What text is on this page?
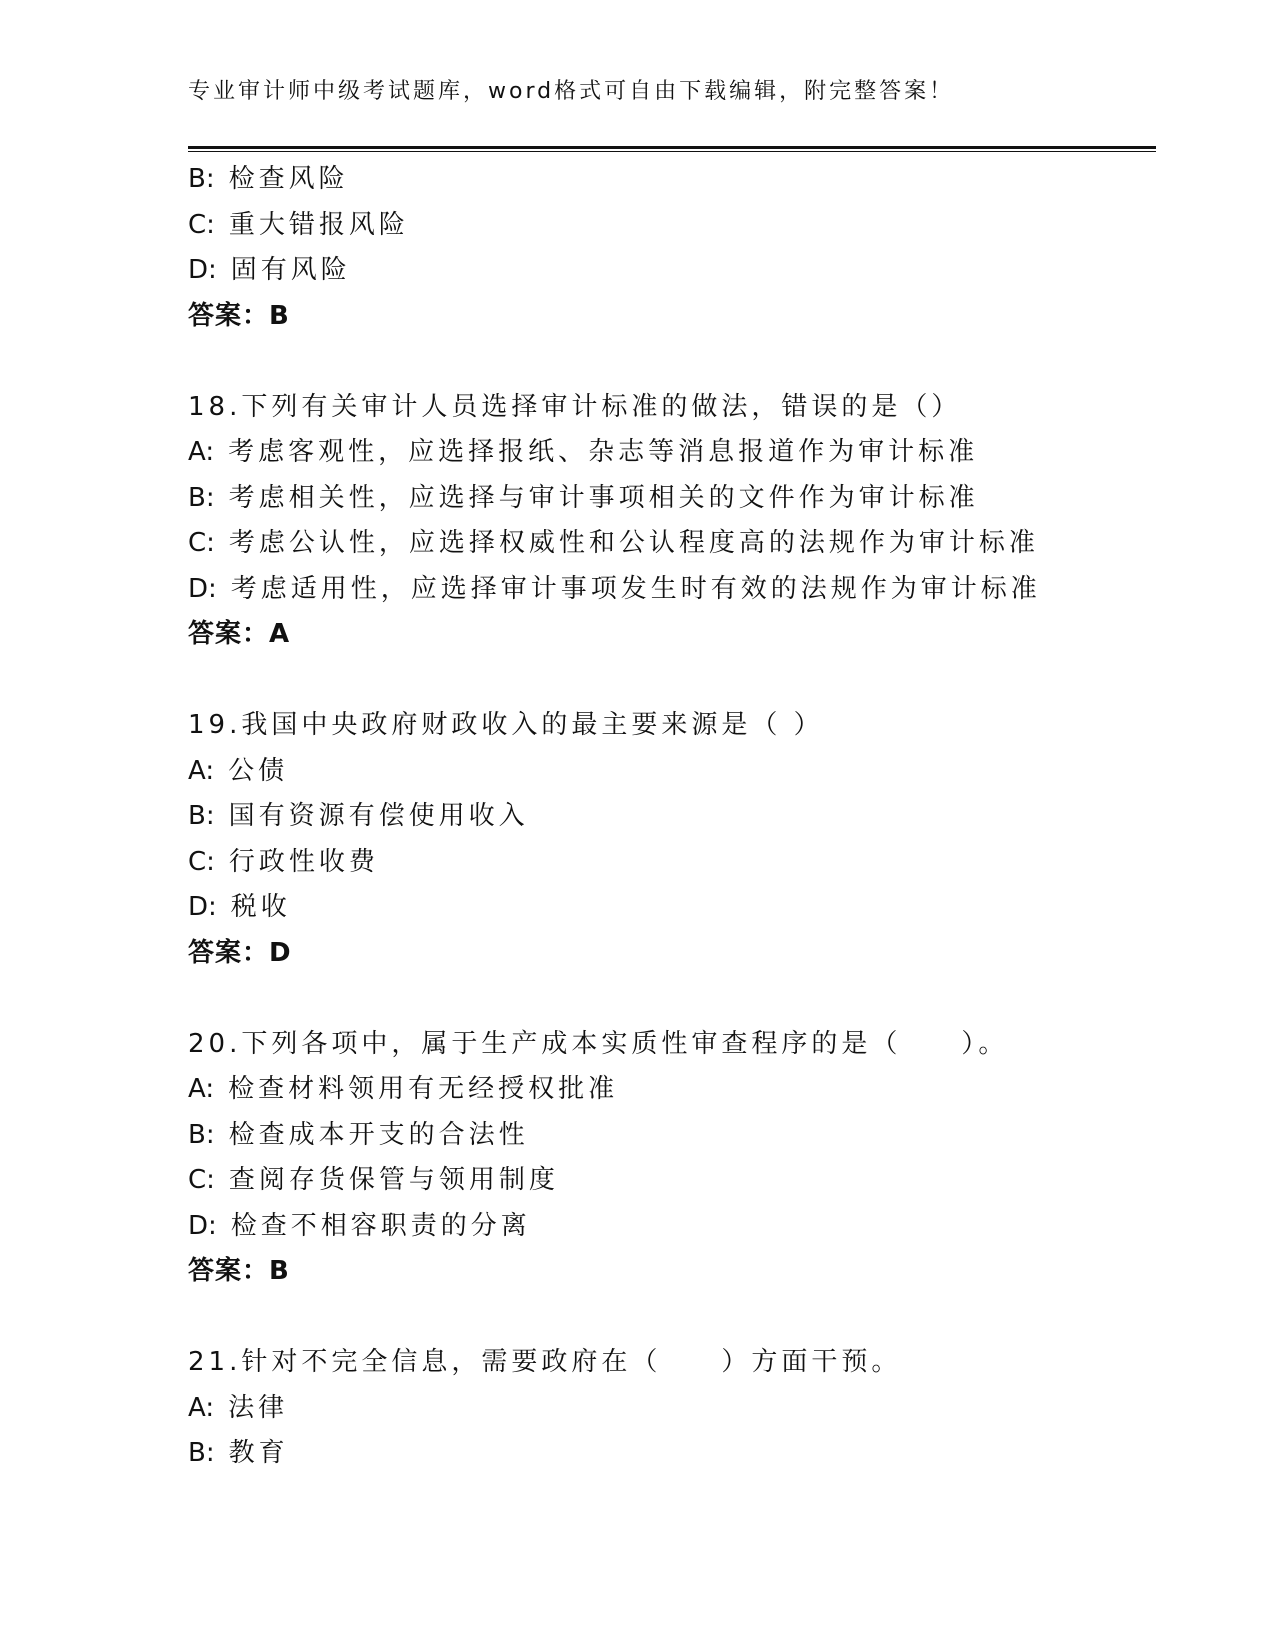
专业审计师中级考试题库，word格式可自由下载编辑，附完整答案！
B: 检查风险
C: 重大错报风险
D: 固有风险
答案：B
18.下列有关审计人员选择审计标准的做法，错误的是（）
A: 考虑客观性，应选择报纸、杂志等消息报道作为审计标准
B: 考虑相关性，应选择与审计事项相关的文件作为审计标准
C: 考虑公认性，应选择权威性和公认程度高的法规作为审计标准
D: 考虑适用性，应选择审计事项发生时有效的法规作为审计标准
答案：A
19.我国中央政府财政收入的最主要来源是（ ）
A: 公债
B: 国有资源有偿使用收入
C: 行政性收费
D: 税收
答案：D
20.下列各项中，属于生产成本实质性审查程序的是（　　）。
A: 检查材料领用有无经授权批准
B: 检查成本开支的合法性
C: 查阅存货保管与领用制度
D: 检查不相容职责的分离
答案：B
21.针对不完全信息，需要政府在（　　）方面干预。
A: 法律
B: 教育
